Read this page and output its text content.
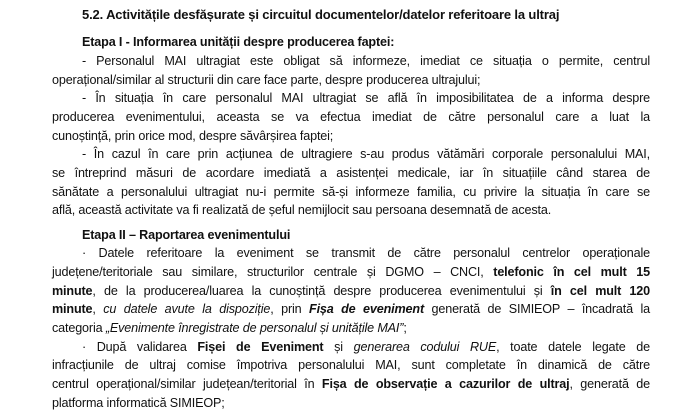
5.2. Activitățile desfășurate și circuitul documentelor/datelor referitoare la ultraj
Etapa I - Informarea unității despre producerea faptei:
- Personalul MAI ultragiat este obligat să informeze, imediat ce situația o permite, centrul
operațional/similar al structurii din care face parte, despre producerea ultrajului;
- În situația în care personalul MAI ultragiat se află în imposibilitatea de a informa despre
producerea evenimentului, aceasta se va efectua imediat de către personalul care a luat la
cunoștință, prin orice mod, despre săvârșirea faptei;
- În cazul în care prin acțiunea de ultragiere s-au produs vătămări corporale personalului MAI,
se întreprind măsuri de acordare imediată a asistenței medicale, iar în situațiile când starea de
sănătate a personalului ultragiat nu-i permite să-și informeze familia, cu privire la situația în care se
află, această activitate va fi realizată de șeful nemijlocit sau persoana desemnată de acesta.
Etapa II – Raportarea evenimentului
· Datele referitoare la eveniment se transmit de către personalul centrelor operaționale
județene/teritoriale sau similare, structurilor centrale și DGMO – CNCI, telefonic în cel mult 15
minute, de la producerea/luarea la cunoștință despre producerea evenimentului și în cel mult 120
minute, cu datele avute la dispoziție, prin Fișa de eveniment generată de SIMIEOP – încadrată la
categoria „Evenimente înregistrate de personalul și unitățile MAI”;
· După validarea Fișei de Eveniment și generarea codului RUE, toate datele legate de
infracțiunile de ultraj comise împotriva personalului MAI, sunt completate în dinamică de către
centrul operațional/similar județean/teritorial în Fișa de observație a cazurilor de ultraj, generată de
platforma informatică SIMIEOP;
